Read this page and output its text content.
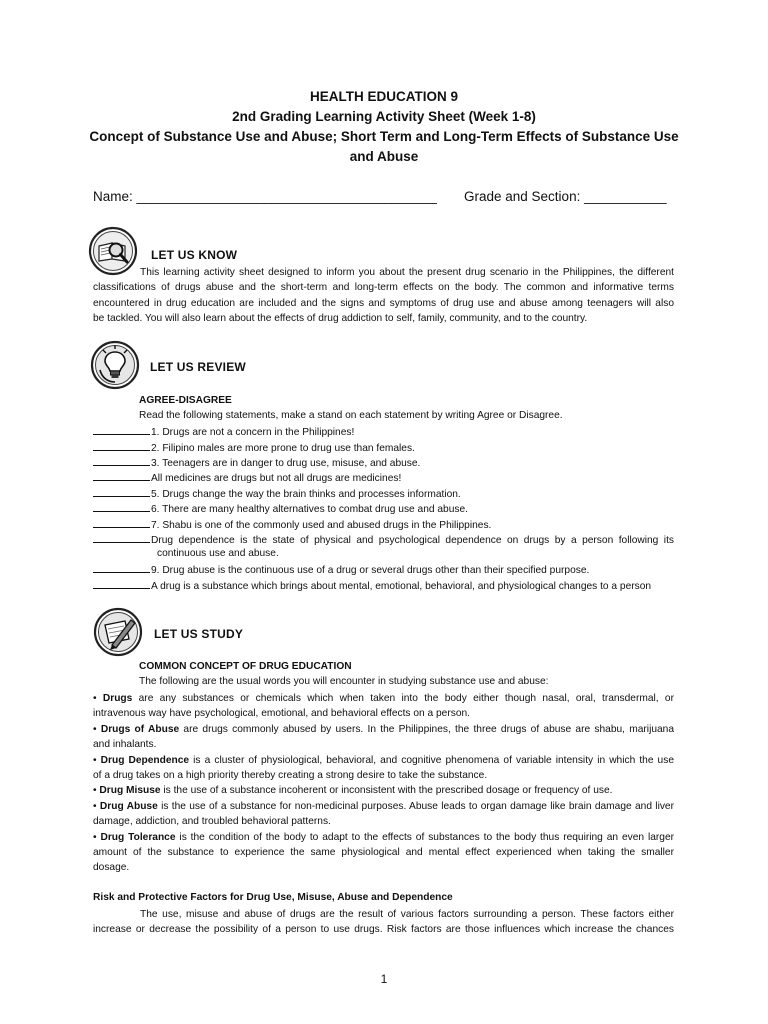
HEALTH EDUCATION 9
2nd Grading Learning Activity Sheet (Week 1-8)
Concept of Substance Use and Abuse; Short Term and Long-Term Effects of Substance Use
and Abuse
Name: ________________________________________ Grade and Section: ___________
LET US KNOW
This learning activity sheet designed to inform you about the present drug scenario in the Philippines, the different
classifications of drugs abuse and the short-term and long-term effects on the body. The common and informative terms
encountered in drug education are included and the signs and symptoms of drug use and abuse among teenagers will also
be tackled. You will also learn about the effects of drug addiction to self, family, community, and to the country.
LET US REVIEW
AGREE-DISAGREE
Read the following statements, make a stand on each statement by writing Agree or Disagree.
1. Drugs are not a concern in the Philippines!
2. Filipino males are more prone to drug use than females.
3. Teenagers are in danger to drug use, misuse, and abuse.
All medicines are drugs but not all drugs are medicines!
5. Drugs change the way the brain thinks and processes information.
6. There are many healthy alternatives to combat drug use and abuse.
7. Shabu is one of the commonly used and abused drugs in the Philippines.
Drug dependence is the state of physical and psychological dependence on drugs by a person following its
continuous use and abuse.
9. Drug abuse is the continuous use of a drug or several drugs other than their specified purpose.
A drug is a substance which brings about mental, emotional, behavioral, and physiological changes to a person
LET US STUDY
COMMON CONCEPT OF DRUG EDUCATION
The following are the usual words you will encounter in studying substance use and abuse:
• Drugs are any substances or chemicals which when taken into the body either though nasal, oral, transdermal, or
intravenous way have psychological, emotional, and behavioral effects on a person.
• Drugs of Abuse are drugs commonly abused by users. In the Philippines, the three drugs of abuse are shabu, marijuana
and inhalants.
• Drug Dependence is a cluster of physiological, behavioral, and cognitive phenomena of variable intensity in which the use
of a drug takes on a high priority thereby creating a strong desire to take the substance.
• Drug Misuse is the use of a substance incoherent or inconsistent with the prescribed dosage or frequency of use.
• Drug Abuse is the use of a substance for non-medicinal purposes. Abuse leads to organ damage like brain damage and liver
damage, addiction, and troubled behavioral patterns.
• Drug Tolerance is the condition of the body to adapt to the effects of substances to the body thus requiring an even larger
amount of the substance to experience the same physiological and mental effect experienced when taking the smaller
dosage.
Risk and Protective Factors for Drug Use, Misuse, Abuse and Dependence
The use, misuse and abuse of drugs are the result of various factors surrounding a person. These factors either
increase or decrease the possibility of a person to use drugs. Risk factors are those influences which increase the chances
1
